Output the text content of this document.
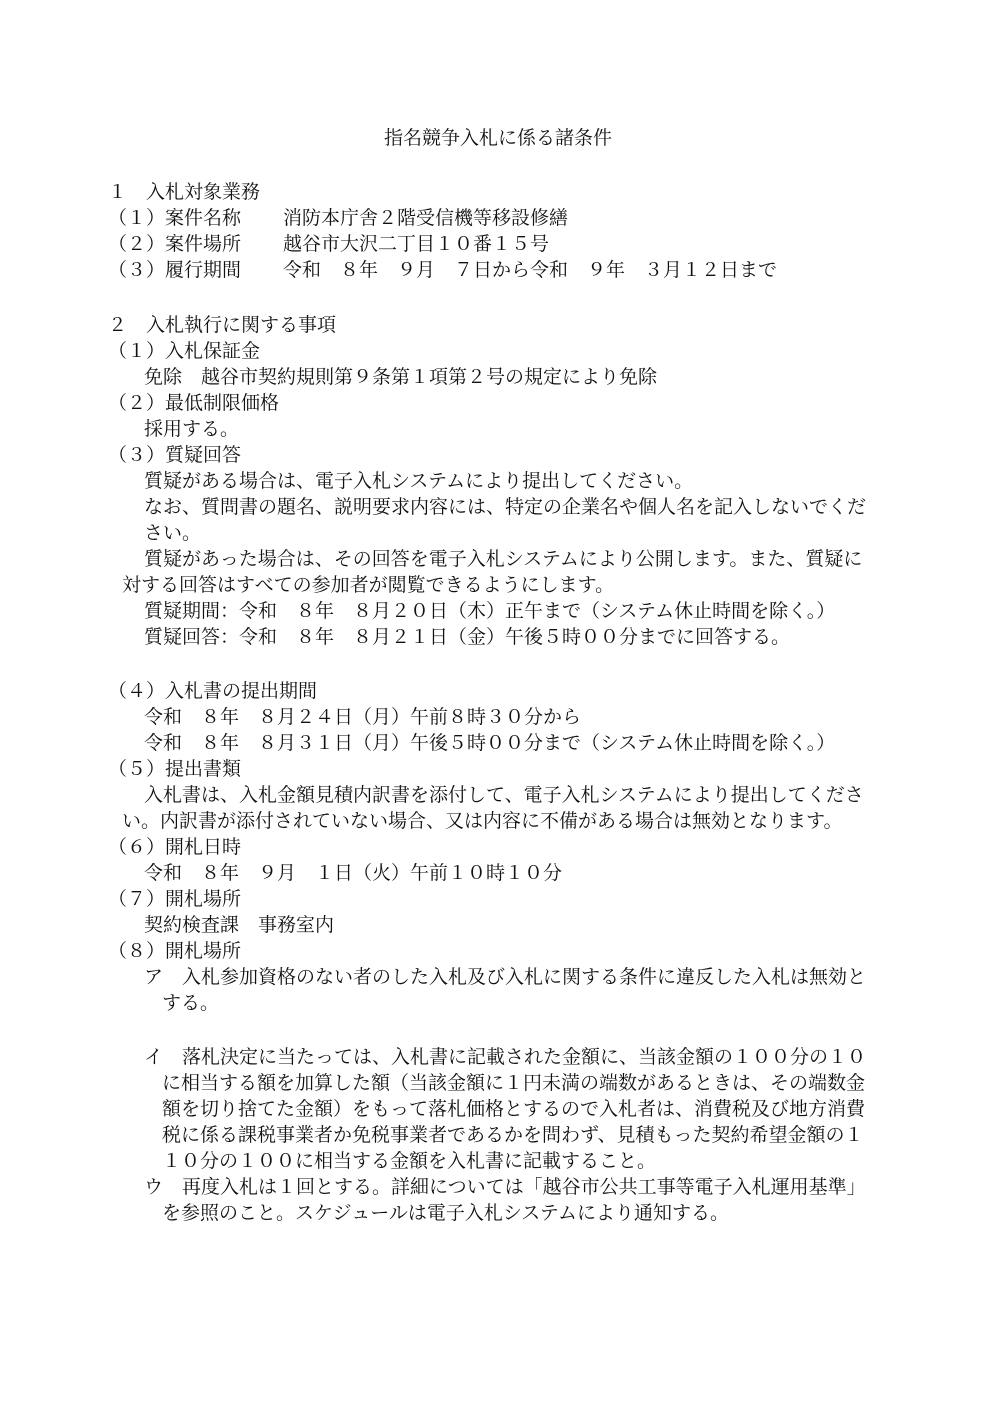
指名競争入札に係る諸条件
１　入札対象業務
（１）案件名称 消防本庁舎２階受信機等移設修繕
（２）案件場所 越谷市大沢二丁目１０番１５号
（３）履行期間 令和　８年　９月　７日から令和　９年　３月１２日まで
２　入札執行に関する事項
（１）入札保証金
免除　越谷市契約規則第９条第１項第２号の規定により免除
（２）最低制限価格
採用する。
（３）質疑回答
質疑がある場合は、電子入札システムにより提出してください。
なお、質問書の題名、説明要求内容には、特定の企業名や個人名を記入しないでくだ
さい。
質疑があった場合は、その回答を電子入札システムにより公開します。また、質疑に
対する回答はすべての参加者が閲覧できるようにします。
質疑期間：令和　８年　８月２０日（木）正午まで（システム休止時間を除く。）
質疑回答：令和　８年　８月２１日（金）午後５時００分までに回答する。
（４）入札書の提出期間
令和　８年　８月２４日（月）午前８時３０分から
令和　８年　８月３１日（月）午後５時００分まで（システム休止時間を除く。）
（５）提出書類
入札書は、入札金額見積内訳書を添付して、電子入札システムにより提出してくださ
い。内訳書が添付されていない場合、又は内容に不備がある場合は無効となります。
（６）開札日時
令和　８年　９月　１日（火）午前１０時１０分
（７）開札場所
契約検査課　事務室内
（８）開札場所
ア　入札参加資格のない者のした入札及び入札に関する条件に違反した入札は無効と
する。
イ　落札決定に当たっては、入札書に記載された金額に、当該金額の１００分の１０
に相当する額を加算した額（当該金額に１円未満の端数があるときは、その端数金
額を切り捨てた金額）をもって落札価格とするので入札者は、消費税及び地方消費
税に係る課税事業者か免税事業者であるかを問わず、見積もった契約希望金額の１
１０分の１００に相当する金額を入札書に記載すること。
ウ　再度入札は１回とする。詳細については「越谷市公共工事等電子入札運用基準」
を参照のこと。スケジュールは電子入札システムにより通知する。
